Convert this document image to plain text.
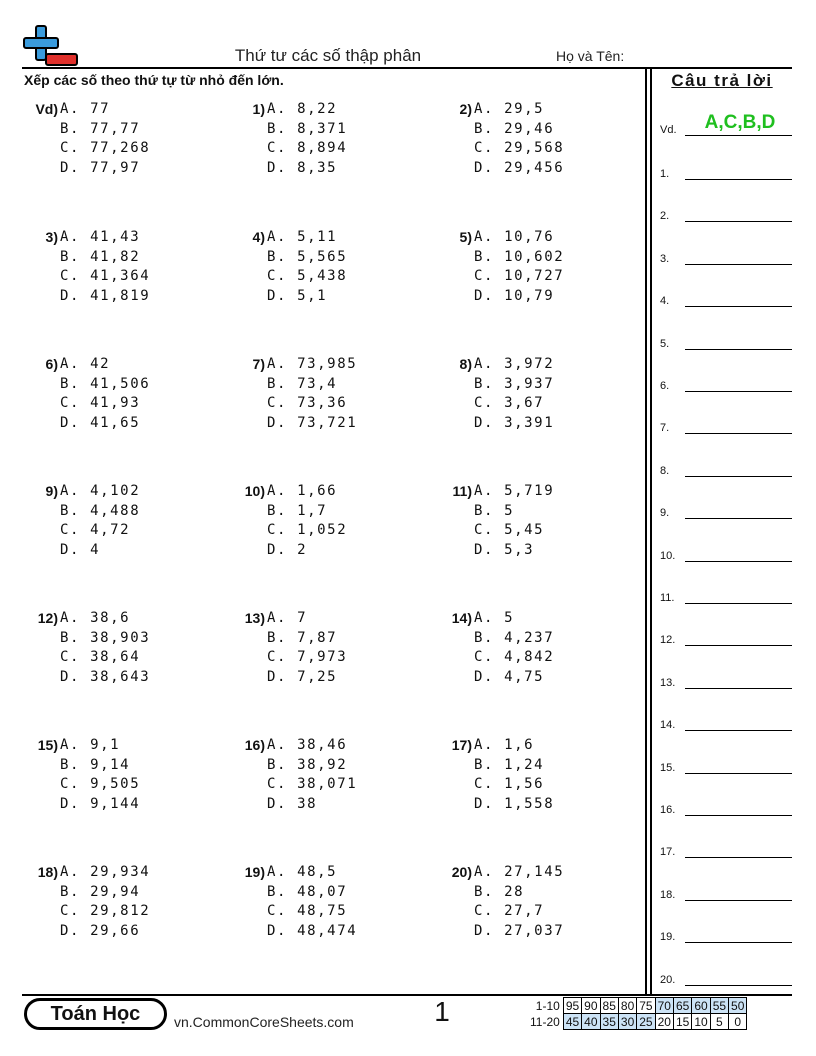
Thứ tư các số thập phân	Họ và Tên:
Xếp các số theo thứ tự từ nhỏ đến lớn.
Vd) A. 77
B. 77,77
C. 77,268
D. 77,97
1) A. 8,22
B. 8,371
C. 8,894
D. 8,35
2) A. 29,5
B. 29,46
C. 29,568
D. 29,456
3) A. 41,43
B. 41,82
C. 41,364
D. 41,819
4) A. 5,11
B. 5,565
C. 5,438
D. 5,1
5) A. 10,76
B. 10,602
C. 10,727
D. 10,79
6) A. 42
B. 41,506
C. 41,93
D. 41,65
7) A. 73,985
B. 73,4
C. 73,36
D. 73,721
8) A. 3,972
B. 3,937
C. 3,67
D. 3,391
9) A. 4,102
B. 4,488
C. 4,72
D. 4
10) A. 1,66
B. 1,7
C. 1,052
D. 2
11) A. 5,719
B. 5
C. 5,45
D. 5,3
12) A. 38,6
B. 38,903
C. 38,64
D. 38,643
13) A. 7
B. 7,87
C. 7,973
D. 7,25
14) A. 5
B. 4,237
C. 4,842
D. 4,75
15) A. 9,1
B. 9,14
C. 9,505
D. 9,144
16) A. 38,46
B. 38,92
C. 38,071
D. 38
17) A. 1,6
B. 1,24
C. 1,56
D. 1,558
18) A. 29,934
B. 29,94
C. 29,812
D. 29,66
19) A. 48,5
B. 48,07
C. 48,75
D. 48,474
20) A. 27,145
B. 28
C. 27,7
D. 27,037
Câu trả lời
Vd.	A,C,B,D
1.
2.
3.
4.
5.
6.
7.
8.
9.
10.
11.
12.
13.
14.
15.
16.
17.
18.
19.
20.
Toán Học	vn.CommonCoreSheets.com	1	1-10	95	90	85	80	75	70	65	60	55	50
11-20	45	40	35	30	25	20	15	10	5	0
